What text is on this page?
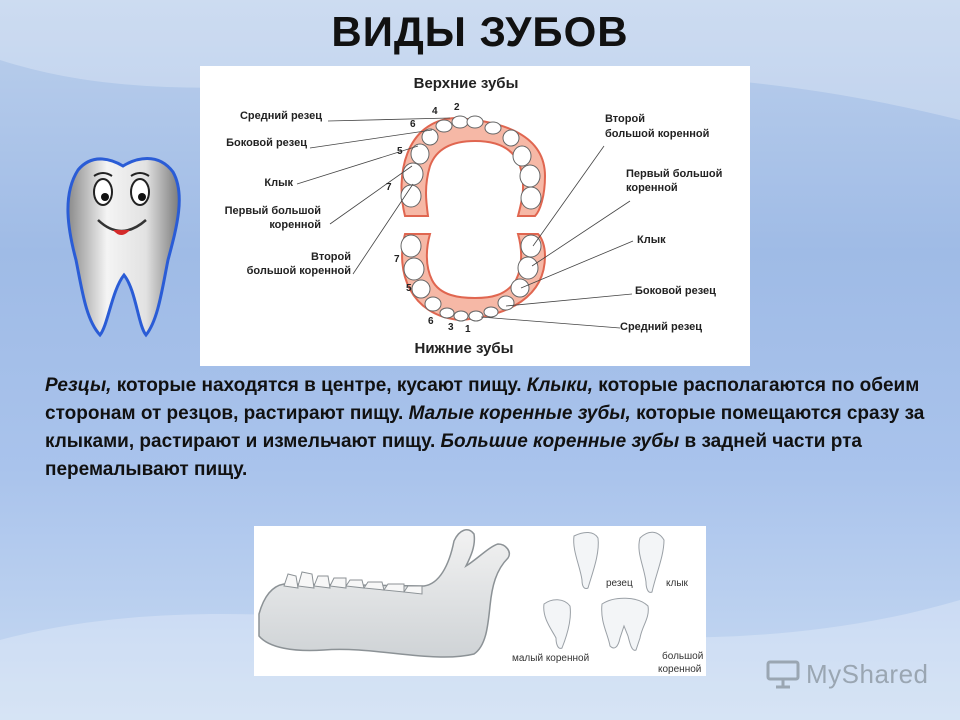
ВИДЫ ЗУБОВ
Верхние зубы
Нижние зубы
Средний резец
Боковой резец
Клык
Первый большой
коренной
Второй
большой коренной
Второй
большой коренной
Первый большой
коренной
Клык
Боковой резец
Средний резец
2
4
6
5
7
7
5
6
3 1
Резцы, которые находятся в центре, кусают пищу. Клыки, которые располагаются по обеим сторонам от резцов, растирают пищу. Малые коренные зубы, которые помещаются сразу за клыками, растирают и измельчают пищу. Большие коренные зубы в задней части рта перемалывают пищу.
резец	клык
малый коренной	большой
коренной	MyShared
